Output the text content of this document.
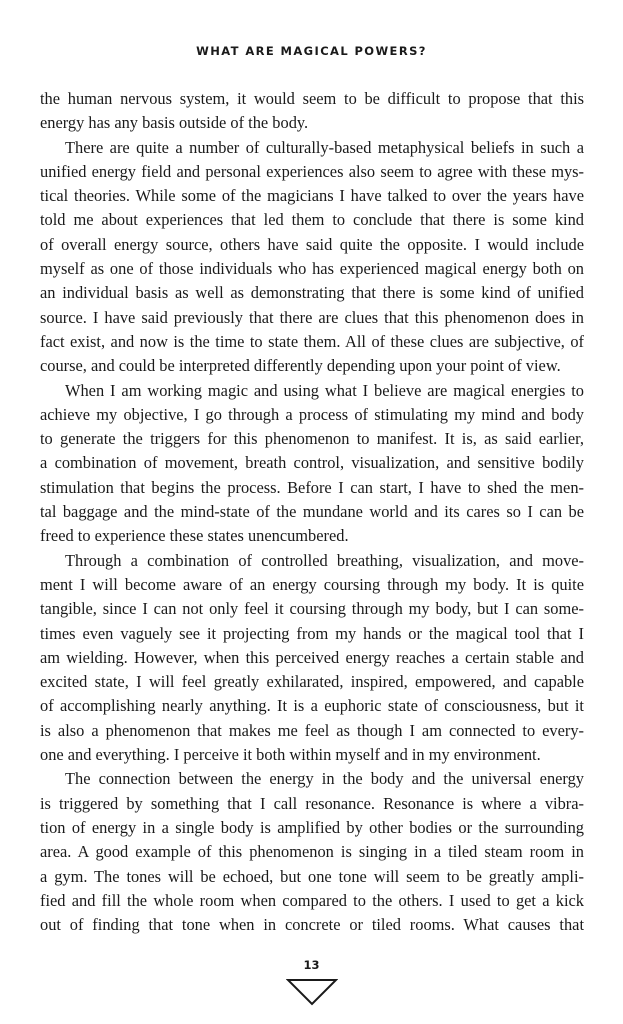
WHAT ARE MAGICAL POWERS?

the human nervous system, it would seem to be difficult to propose that this
energy has any basis outside of the body.

There are quite a number of culturally-based metaphysical beliefs in such a
unified energy field and personal experiences also seem to agree with these mys-
tical theories. While some of the magicians I have talked to over the years have
told me about experiences that led them to conclude that there is some kind
of overall energy source, others have said quite the opposite. I would include
myself as one of those individuals who has experienced magical energy both on
an individual basis as well as demonstrating that there is some kind of unified
source. I have said previously that there are clues that this phenomenon does in
fact exist, and now is the time to state them. All of these clues are subjective, of
course, and could be interpreted differently depending upon your point of view.

When I am working magic and using what I believe are magical energies to
achieve my objective, I go through a process of stimulating my mind and body
to generate the triggers for this phenomenon to manifest. It is, as said earlier,
a combination of movement, breath control, visualization, and sensitive bodily
stimulation that begins the process. Before I can start, I have to shed the men-
tal baggage and the mind-state of the mundane world and its cares so I can be
freed to experience these states unencumbered.

Through a combination of controlled breathing, visualization, and move-
ment I will become aware of an energy coursing through my body. It is quite
tangible, since I can not only feel it coursing through my body, but I can some-
times even vaguely see it projecting from my hands or the magical tool that I
am wielding. However, when this perceived energy reaches a certain stable and
excited state, I will feel greatly exhilarated, inspired, empowered, and capable
of accomplishing nearly anything. It is a euphoric state of consciousness, but it
is also a phenomenon that makes me feel as though I am connected to every-
one and everything. I perceive it both within myself and in my environment.

The connection between the energy in the body and the universal energy
is triggered by something that I call resonance. Resonance is where a vibra-
tion of energy in a single body is amplified by other bodies or the surrounding
area. A good example of this phenomenon is singing in a tiled steam room in
a gym. The tones will be echoed, but one tone will seem to be greatly ampli-
fied and fill the whole room when compared to the others. I used to get a kick
out of finding that tone when in concrete or tiled rooms. What causes that

13
